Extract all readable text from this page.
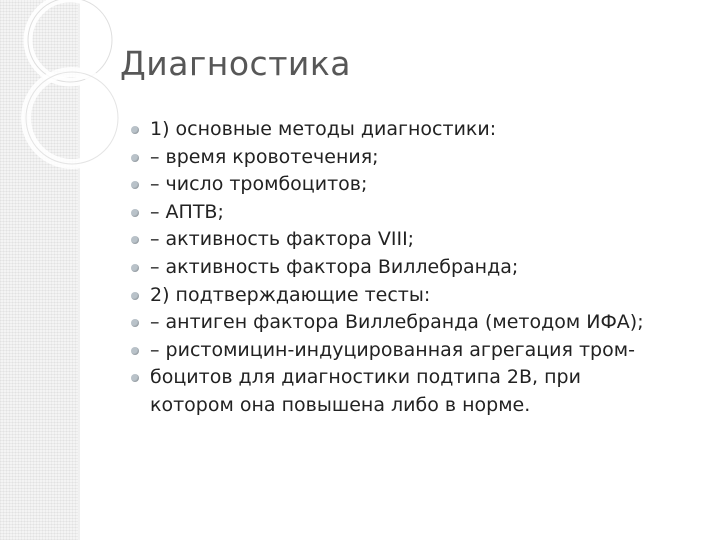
Диагностика
1) основные методы диагностики:
– время кровотечения;
– число тромбоцитов;
– АПТВ;
– активность фактора VIII;
– активность фактора Виллебранда;
2) подтверждающие тесты:
– антиген фактора Виллебранда (методом ИФА);
– ристомицин-индуцированная агрегация тром-
боцитов для диагностики подтипа 2B, при
котором она повышена либо в норме.
